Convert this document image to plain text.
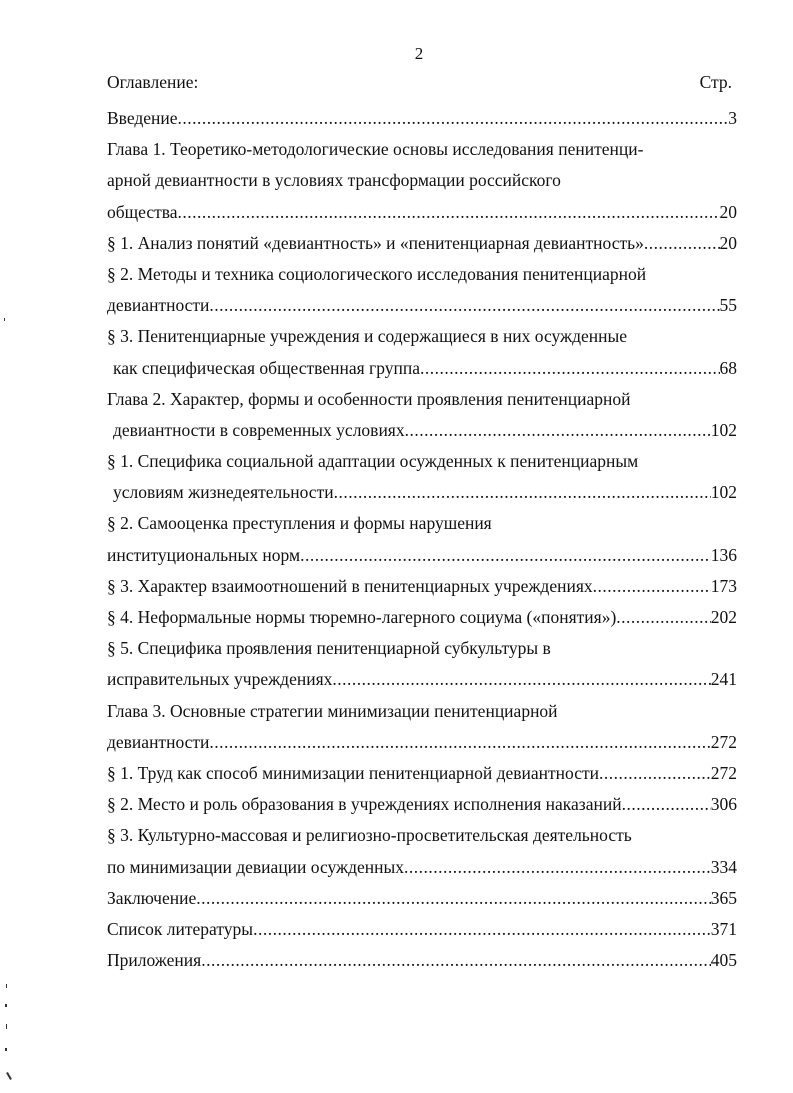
2
Оглавление:	Стр.
Введение .....	3
Глава 1. Теоретико-методологические основы исследования пенитенци-
арной девиантности в условиях трансформации российского
общества .....	20
§ 1. Анализ понятий «девиантность» и «пенитенциарная девиантность» .....	20
§ 2. Методы и техника социологического исследования пенитенциарной
девиантности .....	55
§ 3. Пенитенциарные учреждения и содержащиеся в них осужденные
как специфическая общественная группа .....	68
Глава 2. Характер, формы и особенности проявления пенитенциарной
девиантности в современных условиях .....	102
§ 1. Специфика социальной адаптации осужденных к пенитенциарным
условиям жизнедеятельности .....	102
§ 2. Самооценка преступления и формы нарушения
институциональных норм .....	136
§ 3. Характер взаимоотношений в пенитенциарных учреждениях .....	173
§ 4. Неформальные нормы тюремно-лагерного социума («понятия») .....	202
§ 5. Специфика проявления пенитенциарной субкультуры в
исправительных учреждениях .....	241
Глава 3. Основные стратегии минимизации пенитенциарной
девиантности .....	272
§ 1. Труд как способ минимизации пенитенциарной девиантности .....	272
§ 2. Место и роль образования в учреждениях исполнения наказаний .....	306
§ 3. Культурно-массовая и религиозно-просветительская деятельность
по минимизации девиации осужденных .....	334
Заключение .....	365
Список литературы .....	371
Приложения .....	405
